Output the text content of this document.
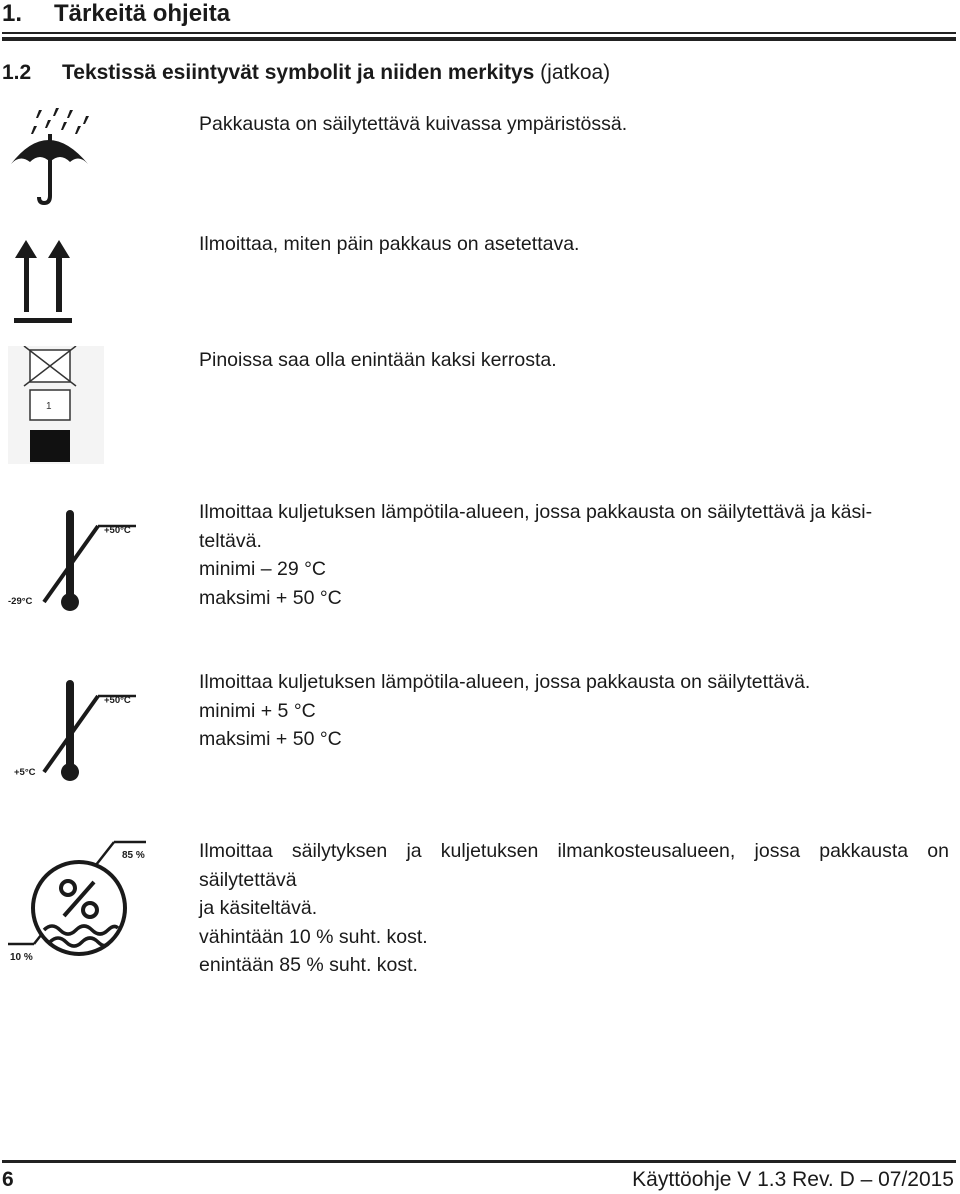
1. Tärkeitä ohjeita
1.2 Tekstissä esiintyvät symbolit ja niiden merkitys (jatkoa)
Pakkausta on säilytettävä kuivassa ympäristössä.
Ilmoittaa, miten päin pakkaus on asetettava.
1
Pinoissa saa olla enintään kaksi kerrosta.
+50°C
-29°C
Ilmoittaa kuljetuksen lämpötila-alueen, jossa pakkausta on säilytettävä ja käsi-
teltävä.
minimi – 29 °C
maksimi + 50 °C
+50°C
+5°C
Ilmoittaa kuljetuksen lämpötila-alueen, jossa pakkausta on säilytettävä.
minimi + 5 °C
maksimi + 50 °C
85 %
10 %
Ilmoittaa säilytyksen ja kuljetuksen ilmankosteusalueen, jossa pakkausta on
säilytettävä
ja käsiteltävä.
vähintään 10 % suht. kost.
enintään 85 % suht. kost.
6	Käyttöohje V 1.3 Rev. D – 07/2015
